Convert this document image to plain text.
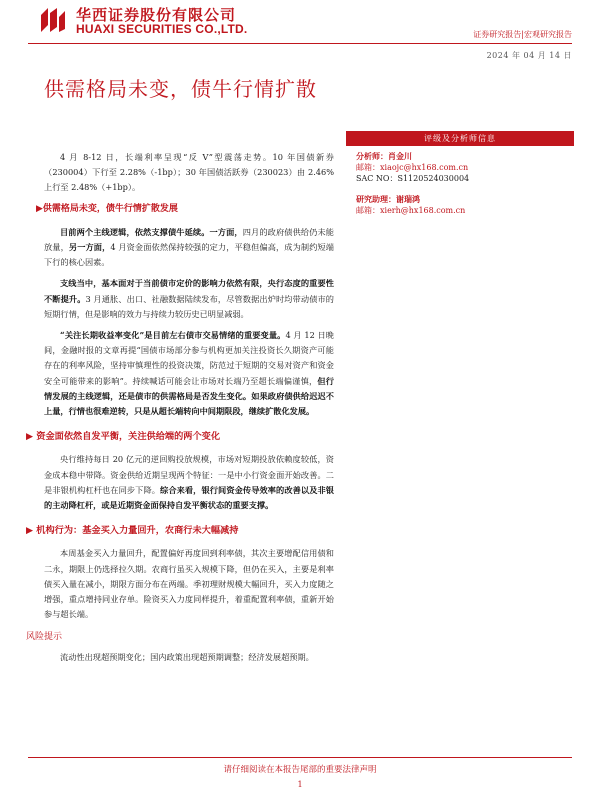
华西证券股份有限公司
HUAXI SECURITIES CO.,LTD.	证券研究报告|宏观研究报告
2024 年 04 月 14 日
供需格局未变，债牛行情扩散

4 月 8-12 日，长端利率呈现“反 V”型震荡走势。10 年国债新券（230004）下行至 2.28%（-1bp）；30 年国债活跃券（230023）由 2.46%上行至 2.48%（+1bp）。

▶供需格局未变，债牛行情扩散发展

目前两个主线逻辑，依然支撑债牛延续。一方面，四月的政府债供给仍未能放量，另一方面，4 月资金面依然保持较强的定力，平稳但偏高，成为制约短端下行的核心因素。

支线当中，基本面对于当前债市定价的影响力依然有限，央行态度的重要性不断提升。3 月通胀、出口、社融数据陆续发布，尽管数据出炉时均带动债市的短期行情，但是影响的效力与持续力较历史已明显减弱。

“关注长期收益率变化”是目前左右债市交易情绪的重要变量。4 月 12 日晚间，金融时报的文章再提“国债市场部分参与机构更加关注投资长久期资产可能存在的利率风险，坚持审慎理性的投资决策，防范过于短期的交易对资产和资金安全可能带来的影响”。持续喊话可能会让市场对长端乃至超长端偏谨慎，但行情发展的主线逻辑，还是债市的供需格局是否发生变化。如果政府债供给迟迟不上量，行情也很难逆转，只是从超长端转向中间期限段，继续扩散化发展。

▶ 资金面依然自发平衡，关注供给端的两个变化

央行维持每日 20 亿元的逆回购投放规模，市场对短期投放依赖度较低，资金成本稳中带降。资金供给近期呈现两个特征：一是中小行资金面开始改善。二是非银机构杠杆也在同步下降。综合来看，银行间资金传导效率的改善以及非银的主动降杠杆，或是近期资金面保持自发平衡状态的重要支撑。

▶ 机构行为：基金买入力量回升，农商行未大幅减持

本周基金买入力量回升，配置偏好再度回到利率债，其次主要增配信用债和二永，期限上仍选择拉久期。农商行虽买入规模下降，但仍在买入，主要是利率债买入量在减小，期限方面分布在两端。季初理财规模大幅回升，买入力度随之增强，重点增持同业存单。险资买入力度同样提升，着重配置利率债，重新开始参与超长端。

风险提示

流动性出现超预期变化；国内政策出现超预期调整；经济发展超预期。

评级及分析师信息
分析师：肖金川
邮箱：xiaojc@hx168.com.cn
SAC NO：S1120524030004
研究助理：谢瑞鸿
邮箱：xierh@hx168.com.cn
请仔细阅读在本报告尾部的重要法律声明
1
